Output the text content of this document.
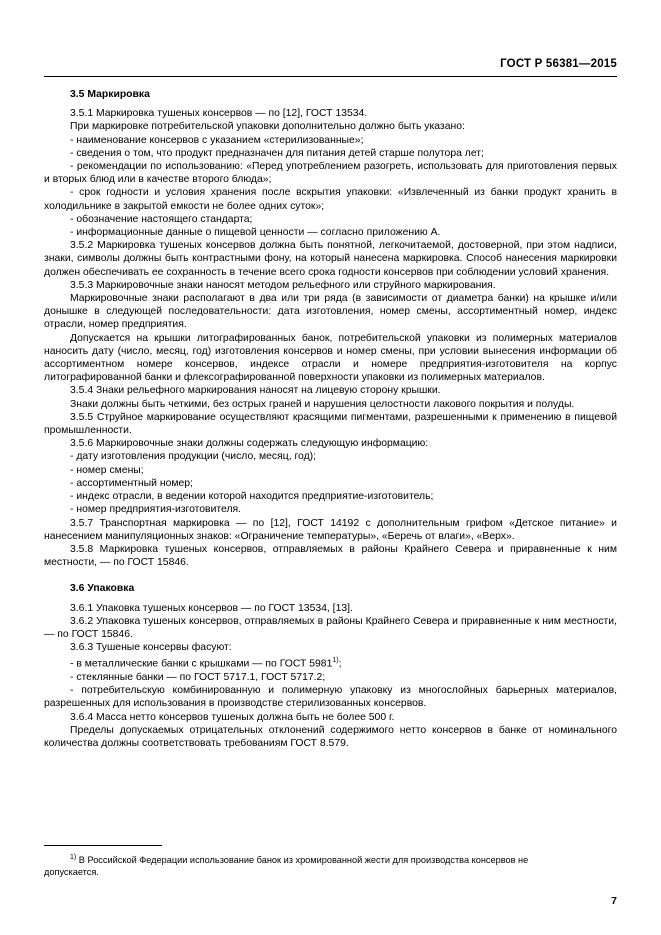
ГОСТ Р 56381—2015

3.5 Маркировка

3.5.1 Маркировка тушеных консервов — по [12], ГОСТ 13534.

При маркировке потребительской упаковки дополнительно должно быть указано:

- наименование консервов с указанием «стерилизованные»;

- сведения о том, что продукт предназначен для питания детей старше полутора лет;

- рекомендации по использованию: «Перед употреблением разогреть, использовать для приготовления первых и вторых блюд или в качестве второго блюда»;

- срок годности и условия хранения после вскрытия упаковки: «Извлеченный из банки продукт хранить в холодильнике в закрытой емкости не более одних суток»;

- обозначение настоящего стандарта;

- информационные данные о пищевой ценности — согласно приложению А.

3.5.2 Маркировка тушеных консервов должна быть понятной, легкочитаемой, достоверной, при этом надписи, знаки, символы должны быть контрастными фону, на который нанесена маркировка. Способ нанесения маркировки должен обеспечивать ее сохранность в течение всего срока годности консервов при соблюдении условий хранения.

3.5.3 Маркировочные знаки наносят методом рельефного или струйного маркирования.

Маркировочные знаки располагают в два или три ряда (в зависимости от диаметра банки) на крышке и/или донышке в следующей последовательности: дата изготовления, номер смены, ассортиментный номер, индекс отрасли, номер предприятия.

Допускается на крышки литографированных банок, потребительской упаковки из полимерных материалов наносить дату (число, месяц, год) изготовления консервов и номер смены, при условии вынесения информации об ассортиментном номере консервов, индексе отрасли и номере предприятия-изготовителя на корпус литографированной банки и флексографированной поверхности упаковки из полимерных материалов.

3.5.4 Знаки рельефного маркирования наносят на лицевую сторону крышки.

Знаки должны быть четкими, без острых граней и нарушения целостности лакового покрытия и полуды.

3.5.5 Струйное маркирование осуществляют красящими пигментами, разрешенными к применению в пищевой промышленности.

3.5.6 Маркировочные знаки должны содержать следующую информацию:

- дату изготовления продукции (число, месяц, год);

- номер смены;

- ассортиментный номер;

- индекс отрасли, в ведении которой находится предприятие-изготовитель;

- номер предприятия-изготовителя.

3.5.7 Транспортная маркировка — по [12], ГОСТ 14192 с дополнительным грифом «Детское питание» и нанесением манипуляционных знаков: «Ограничение температуры», «Беречь от влаги», «Верх».

3.5.8 Маркировка тушеных консервов, отправляемых в районы Крайнего Севера и приравненные к ним местности, — по ГОСТ 15846.

3.6 Упаковка

3.6.1 Упаковка тушеных консервов — по ГОСТ 13534, [13].

3.6.2 Упаковка тушеных консервов, отправляемых в районы Крайнего Севера и приравненные к ним местности, — по ГОСТ 15846.

3.6.3 Тушеные консервы фасуют:

- в металлические банки с крышками — по ГОСТ 5981$^{1)}$;

- стеклянные банки — по ГОСТ 5717.1, ГОСТ 5717.2;

- потребительскую комбинированную и полимерную упаковку из многослойных барьерных материалов, разрешенных для использования в производстве стерилизованных консервов.

3.6.4 Масса нетто консервов тушеных должна быть не более 500 г.

Пределы допускаемых отрицательных отклонений содержимого нетто консервов в банке от номинального количества должны соответствовать требованиям ГОСТ 8.579.

$^{1)}$ В Российской Федерации использование банок из хромированной жести для производства консервов не

допускается.

7
